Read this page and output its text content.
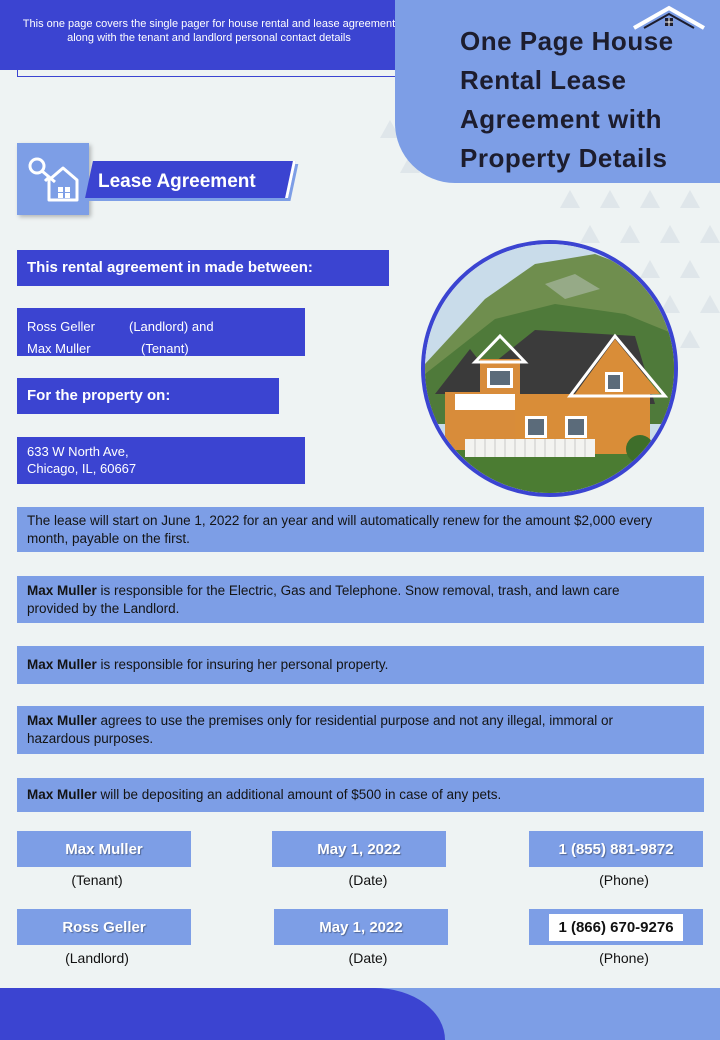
This one page covers the single pager for house rental and lease agreement along with the tenant and landlord personal contact details	One Page House
Rental Lease
Agreement with
Property Details
Lease Agreement
This rental agreement in made between:
Ross Geller	(Landlord) and
Max Muller	(Tenant)
For the property on:
633 W North Ave,
Chicago, IL, 60667
The lease will start on June 1, 2022 for an year and will automatically renew for the amount $2,000 every month, payable on the first.
Max Muller is responsible for the Electric, Gas and Telephone. Snow removal, trash, and lawn care provided by the Landlord.
Max Muller is responsible for insuring her personal property.
Max Muller agrees to use the premises only for residential purpose and not any illegal, immoral or hazardous purposes.
Max Muller will be depositing an additional amount of $500 in case of any pets.
Max Muller
(Tenant)
May 1, 2022
(Date)
1 (855) 881-9872
(Phone)
Ross Geller
(Landlord)
May 1, 2022
(Date)
1 (866) 670-9276
(Phone)
